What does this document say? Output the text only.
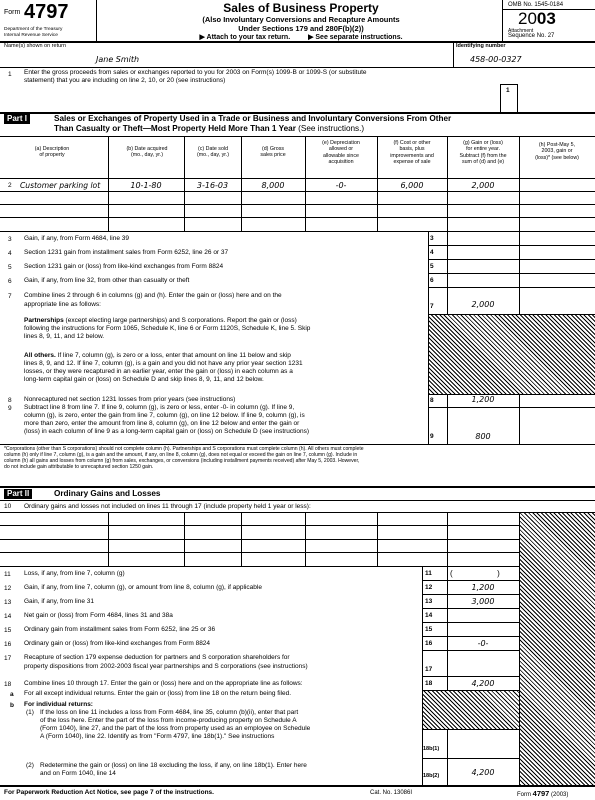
Form 4797
Department of the Treasury
Internal Revenue Service
Sales of Business Property
(Also Involuntary Conversions and Recapture Amounts
Under Sections 179 and 280F(b)(2))
▶ Attach to your tax return.	▶ See separate instructions.
OMB No. 1545-0184
2003
Attachment
Sequence No. 27
Name(s) shown on return
Jane Smith
Identifying number
458-00-0327
1 Enter the gross proceeds from sales or exchanges reported to you for 2003 on Form(s) 1099-B or 1099-S (or substitute
statement) that you are including on line 2, 10, or 20 (see instructions)
1
Part I	Sales or Exchanges of Property Used in a Trade or Business and Involuntary Conversions From Other
Than Casualty or Theft—Most Property Held More Than 1 Year (See instructions.)
(a) Description
of property
(b) Date acquired
(mo., day, yr.)
(c) Date sold
(mo., day, yr.)
(d) Gross
sales price
(e) Depreciation
allowed or
allowable since
acquisition
(f) Cost or other
basis, plus
improvements and
expense of sale
(g) Gain or (loss)
for entire year.
Subtract (f) from the
sum of (d) and (e)
(h) Post-May 5,
2003, gain or
(loss)* (see below)
2 Customer parking lot	10-1-80	3-16-03	8,000	-0-	6,000	2,000
3 Gain, if any, from Form 4684, line 39	3
4 Section 1231 gain from installment sales from Form 6252, line 26 or 37	4
5 Section 1231 gain or (loss) from like-kind exchanges from Form 8824	5
6 Gain, if any, from line 32, from other than casualty or theft	6
7 Combine lines 2 through 6 in columns (g) and (h). Enter the gain or (loss) here and on the
appropriate line as follows:	7	2,000
Partnerships (except electing large partnerships) and S corporations. Report the gain or (loss)
following the instructions for Form 1065, Schedule K, line 6 or Form 1120S, Schedule K, line 5. Skip
lines 8, 9, 11, and 12 below.
All others. If line 7, column (g), is zero or a loss, enter that amount on line 11 below and skip
lines 8, 9, and 12. If line 7, column (g), is a gain and you did not have any prior year section 1231
losses, or they were recaptured in an earlier year, enter the gain or (loss) in each column as a
long-term capital gain or (loss) on Schedule D and skip lines 8, 9, 11, and 12 below.
8 Nonrecaptured net section 1231 losses from prior years (see instructions)	8	1,200
9 Subtract line 8 from line 7. If line 9, column (g), is zero or less, enter -0- in column (g). If line 9,
column (g), is zero, enter the gain from line 7, column (g), on line 12 below. If line 9, column (g), is
more than zero, enter the amount from line 8, column (g), on line 12 below and enter the gain or
(loss) in each column of line 9 as a long-term capital gain or (loss) on Schedule D (see instructions)
9	800
*Corporations (other than S corporations) should not complete column (h). Partnerships and S corporations must complete column (h). All others must complete
column (h) only if line 7, column (g), is a gain and the amount, if any, on line 8, column (g), does not equal or exceed the gain on line 7, column (g). Include in
column (h) all gains and losses from column (g) from sales, exchanges, or conversions (including installment payments received) after May 5, 2003. However,
do not include gain attributable to unrecaptured section 1250 gain.
Part II	Ordinary Gains and Losses
10 Ordinary gains and losses not included on lines 11 through 17 (include property held 1 year or less):
11 Loss, if any, from line 7, column (g)	11	(                    )
12 Gain, if any, from line 7, column (g), or amount from line 8, column (g), if applicable	12	1,200
13 Gain, if any, from line 31	13	3,000
14 Net gain or (loss) from Form 4684, lines 31 and 38a	14
15 Ordinary gain from installment sales from Form 6252, line 25 or 36	15
16 Ordinary gain or (loss) from like-kind exchanges from Form 8824	16	-0-
17 Recapture of section 179 expense deduction for partners and S corporation shareholders for
property dispositions from 2002-2003 fiscal year partnerships and S corporations (see instructions)	17
18 Combine lines 10 through 17. Enter the gain or (loss) here and on the appropriate line as follows:	18	4,200
a For all except individual returns. Enter the gain or (loss) from line 18 on the return being filed.
b For individual returns:
(1) If the loss on line 11 includes a loss from Form 4684, line 35, column (b)(ii), enter that part
of the loss here. Enter the part of the loss from income-producing property on Schedule A
(Form 1040), line 27, and the part of the loss from property used as an employee on Schedule
A (Form 1040), line 22. Identify as from "Form 4797, line 18b(1)." See instructions
18b(1)
(2) Redetermine the gain or (loss) on line 18 excluding the loss, if any, on line 18b(1). Enter here
and on Form 1040, line 14	18b(2)	4,200
For Paperwork Reduction Act Notice, see page 7 of the instructions.	Cat. No. 13086I	Form 4797 (2003)
